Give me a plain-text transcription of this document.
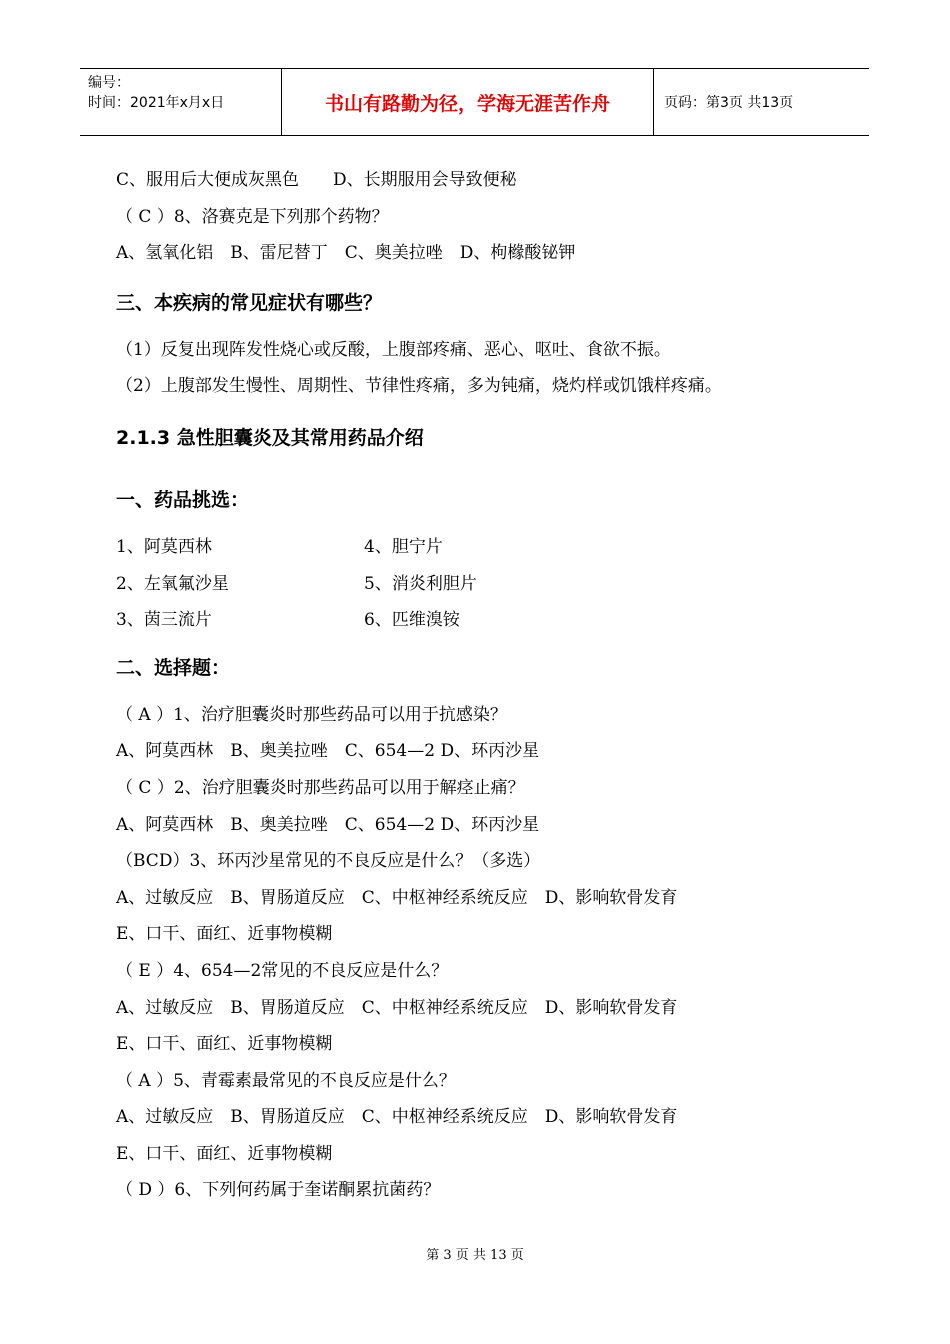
编号：
时间：2021年x月x日	书山有路勤为径，学海无涯苦作舟	页码：第3页 共13页
C、服用后大便成灰黑色　　D、长期服用会导致便秘
（ C ）8、洛赛克是下列那个药物？
A、氢氧化铝　B、雷尼替丁　C、奥美拉唑　D、枸橼酸铋钾
三、本疾病的常见症状有哪些？
（1）反复出现阵发性烧心或反酸，上腹部疼痛、恶心、呕吐、食欲不振。
（2）上腹部发生慢性、周期性、节律性疼痛，多为钝痛，烧灼样或饥饿样疼痛。
2.1.3 急性胆囊炎及其常用药品介绍
一、药品挑选：
1、阿莫西林	4、胆宁片
2、左氧氟沙星	5、消炎利胆片
3、茵三流片	6、匹维溴铵
二、选择题：
（ A ）1、治疗胆囊炎时那些药品可以用于抗感染？
A、阿莫西林　B、奥美拉唑　C、654—2 D、环丙沙星
（ C ）2、治疗胆囊炎时那些药品可以用于解痉止痛？
A、阿莫西林　B、奥美拉唑　C、654—2 D、环丙沙星
（BCD）3、环丙沙星常见的不良反应是什么？（多选）
A、过敏反应　B、胃肠道反应　C、中枢神经系统反应　D、影响软骨发育
E、口干、面红、近事物模糊
（ E ）4、654—2常见的不良反应是什么？
A、过敏反应　B、胃肠道反应　C、中枢神经系统反应　D、影响软骨发育
E、口干、面红、近事物模糊
（ A ）5、青霉素最常见的不良反应是什么？
A、过敏反应　B、胃肠道反应　C、中枢神经系统反应　D、影响软骨发育
E、口干、面红、近事物模糊
（ D ）6、下列何药属于奎诺酮累抗菌药？
第 3 页 共 13 页
